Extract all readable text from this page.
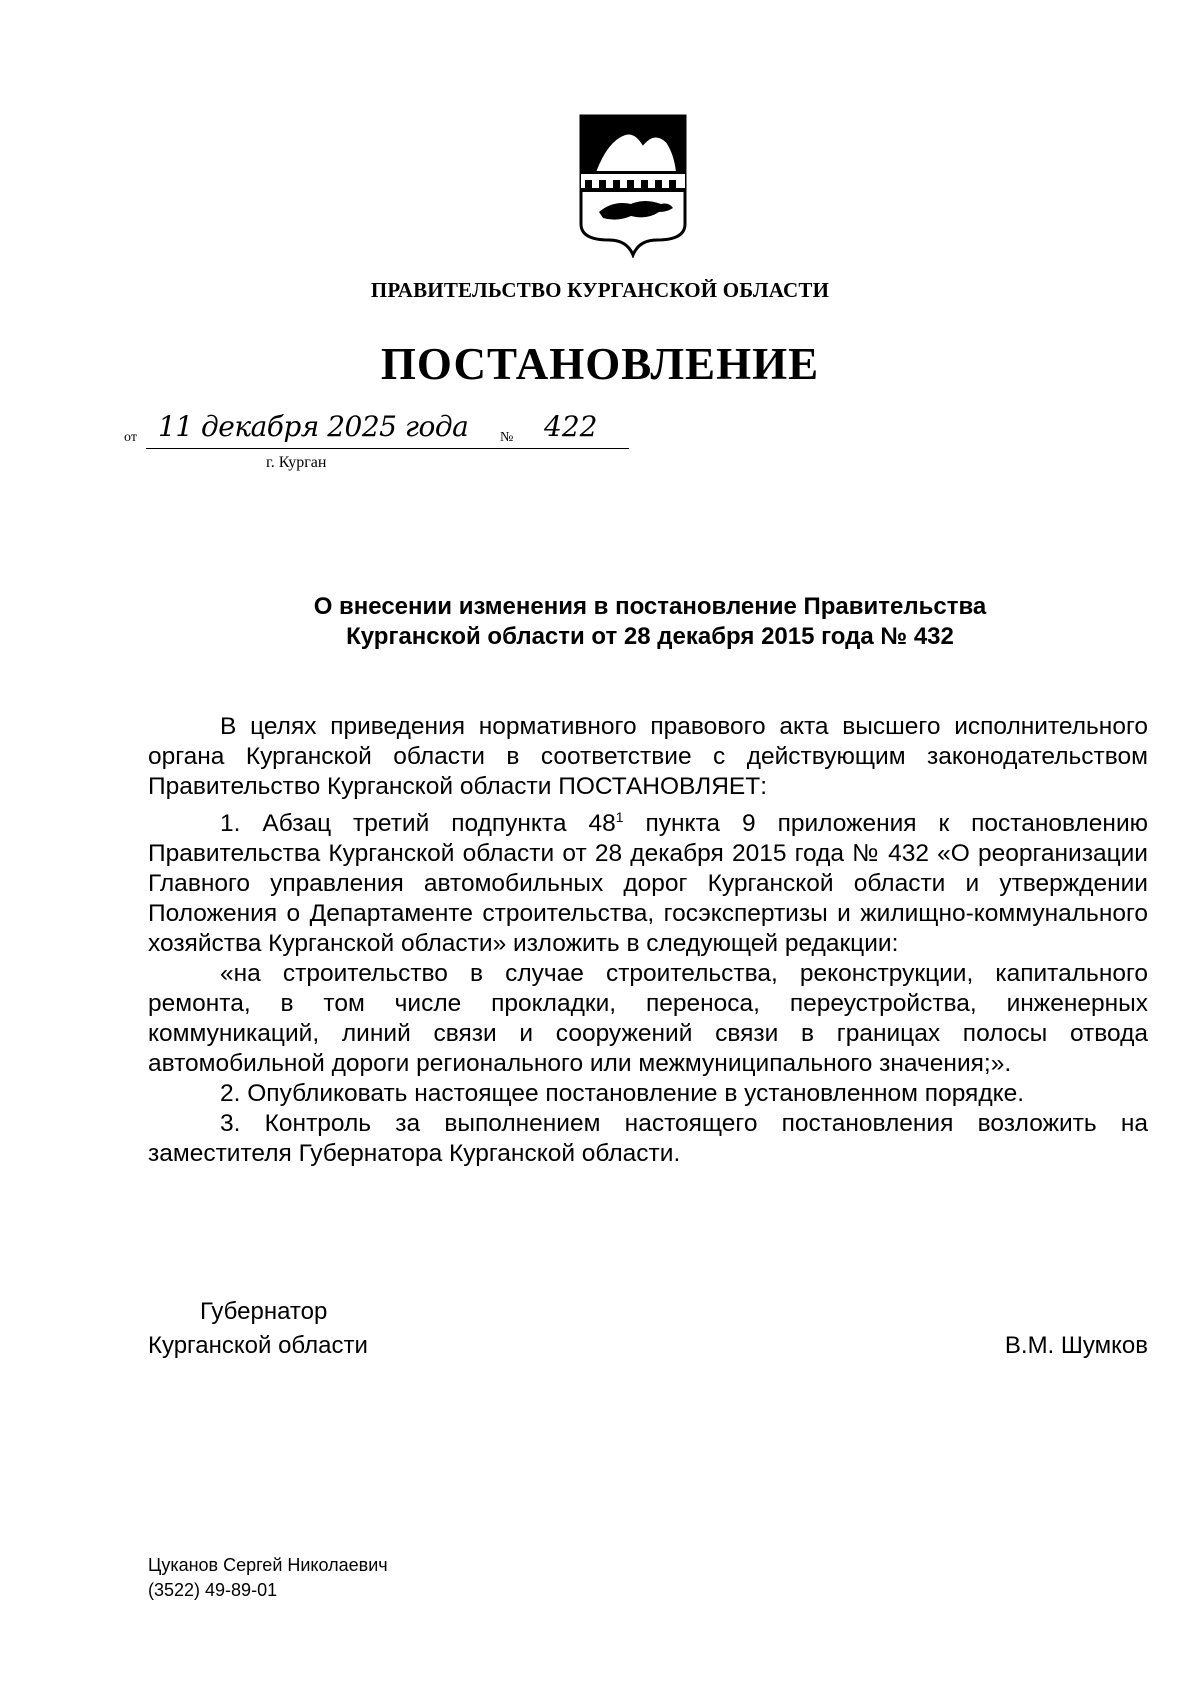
ПРАВИТЕЛЬСТВО КУРГАНСКОЙ ОБЛАСТИ
ПОСТАНОВЛЕНИЕ
от 11 декабря 2025 года № 422
г. Курган
О внесении изменения в постановление Правительства
Курганской области от 28 декабря 2015 года № 432

В целях приведения нормативного правового акта высшего исполнительного органа Курганской области в соответствие с действующим законодательством Правительство Курганской области ПОСТАНОВЛЯЕТ:

1. Абзац третий подпункта $48^1$ пункта 9 приложения к постановлению Правительства Курганской области от 28 декабря 2015 года № 432 «О реорганизации Главного управления автомобильных дорог Курганской области и утверждении Положения о Департаменте строительства, госэкспертизы и жилищно-коммунального хозяйства Курганской области» изложить в следующей редакции:

«на строительство в случае строительства, реконструкции, капитального ремонта, в том числе прокладки, переноса, переустройства, инженерных коммуникаций, линий связи и сооружений связи в границах полосы отвода автомобильной дороги регионального или межмуниципального значения;».

2. Опубликовать настоящее постановление в установленном порядке.

3. Контроль за выполнением настоящего постановления возложить на заместителя Губернатора Курганской области.

Губернатор
Курганской области	В.М. Шумков
Цуканов Сергей Николаевич
(3522) 49-89-01
